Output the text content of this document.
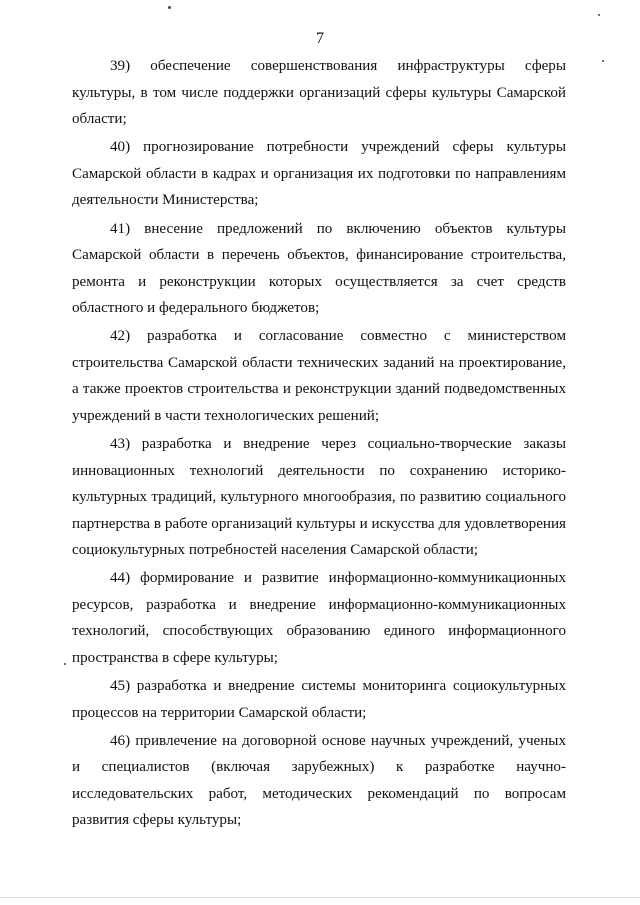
7

39) обеспечение совершенствования инфраструктуры сферы культуры, в том числе поддержки организаций сферы культуры Самарской области;

40) прогнозирование потребности учреждений сферы культуры Самарской области в кадрах и организация их подготовки по направлениям деятельности Министерства;

41) внесение предложений по включению объектов культуры Самарской области в перечень объектов, финансирование строительства, ремонта и реконструкции которых осуществляется за счет средств областного и федерального бюджетов;

42) разработка и согласование совместно с министерством строительства Самарской области технических заданий на проектирование, а также проектов строительства и реконструкции зданий подведомственных учреждений в части технологических решений;

43) разработка и внедрение через социально-творческие заказы инновационных технологий деятельности по сохранению историко-культурных традиций, культурного многообразия, по развитию социального партнерства в работе организаций культуры и искусства для удовлетворения социокультурных потребностей населения Самарской области;

44) формирование и развитие информационно-коммуникационных ресурсов, разработка и внедрение информационно-коммуникационных технологий, способствующих образованию единого информационного пространства в сфере культуры;

45) разработка и внедрение системы мониторинга социокультурных процессов на территории Самарской области;

46) привлечение на договорной основе научных учреждений, ученых и специалистов (включая зарубежных) к разработке научно-исследовательских работ, методических рекомендаций по вопросам развития сферы культуры;
